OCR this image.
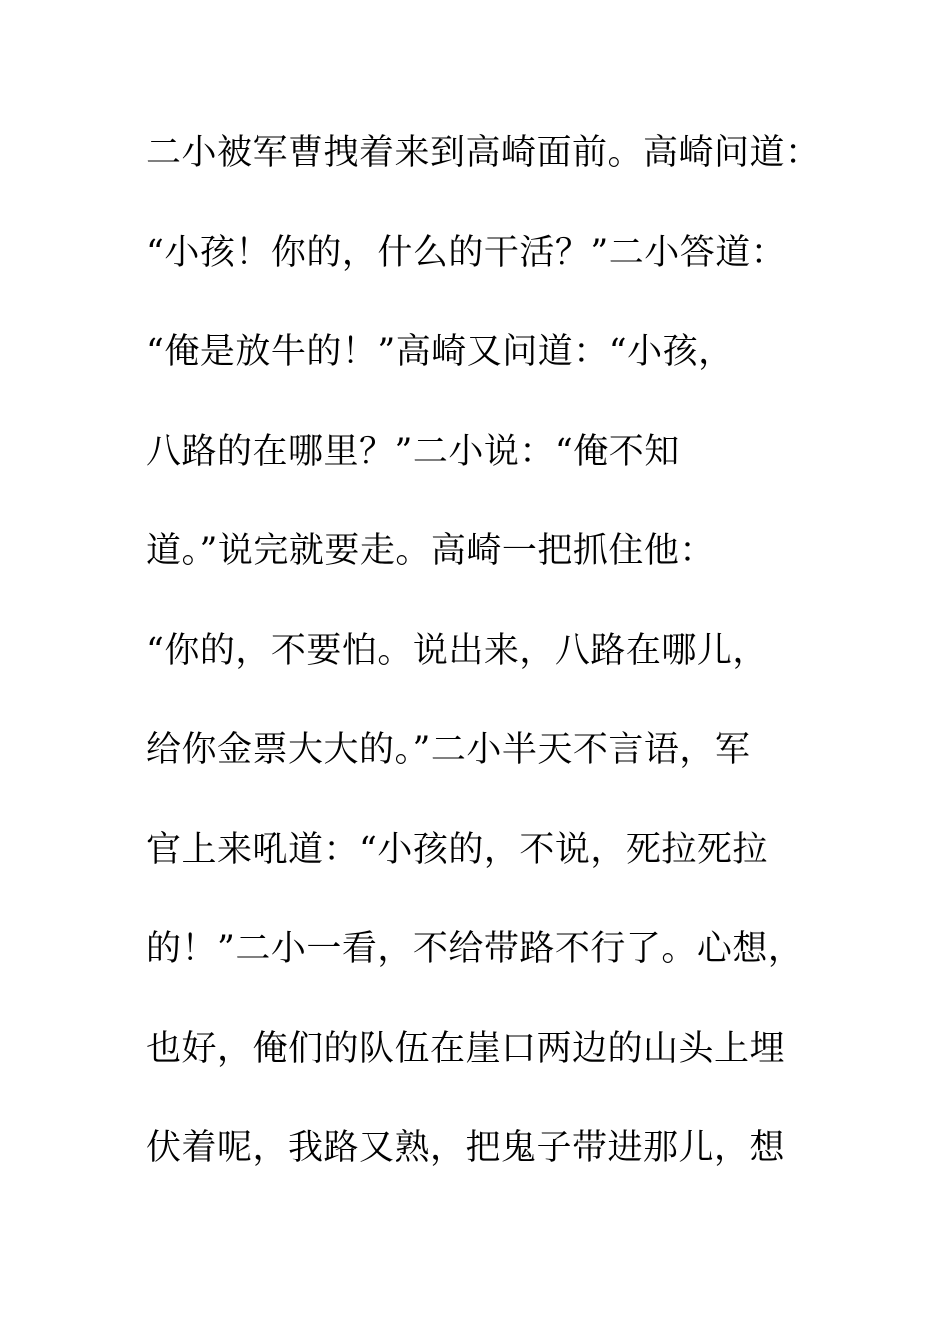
二小被军曹拽着来到高崎面前。高崎问道：
“小孩！你的，什么的干活？”二小答道：
“俺是放牛的！”高崎又问道：“小孩，
八路的在哪里？”二小说：“俺不知
道。”说完就要走。高崎一把抓住他：
“你的，不要怕。说出来，八路在哪儿，
给你金票大大的。”二小半天不言语，军
官上来吼道：“小孩的，不说，死拉死拉
的！”二小一看，不给带路不行了。心想，
也好，俺们的队伍在崖口两边的山头上埋
伏着呢，我路又熟，把鬼子带进那儿，想
